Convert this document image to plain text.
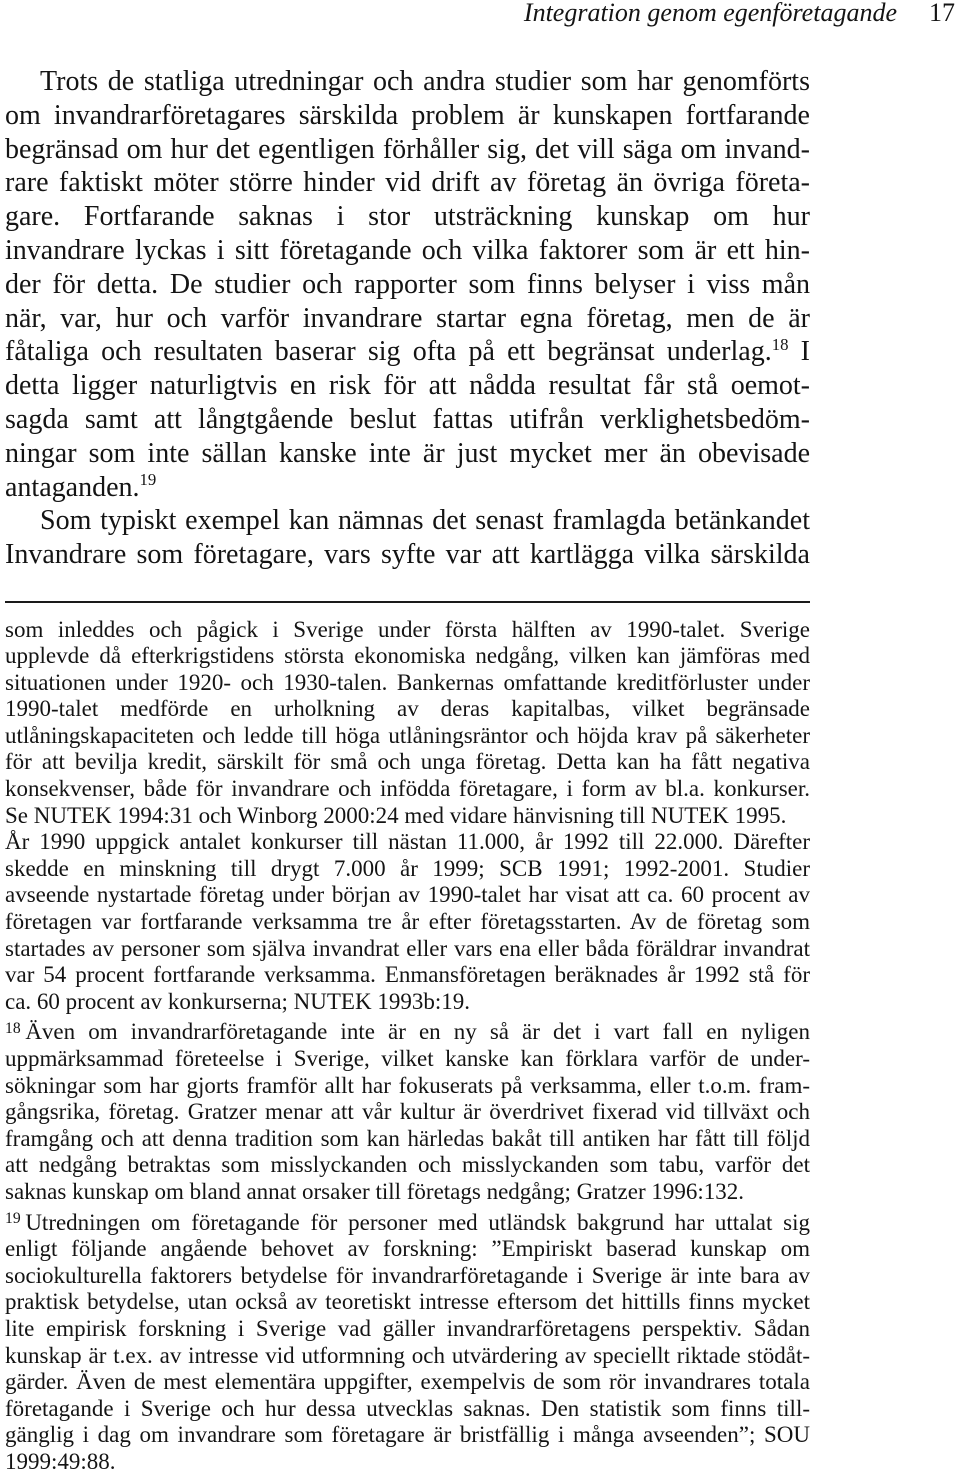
Integration genom egenföretagande 17
Trots de statliga utredningar och andra studier som har genomförts
om invandrarföretagares särskilda problem är kunskapen fortfarande
begränsad om hur det egentligen förhåller sig, det vill säga om invand-
rare faktiskt möter större hinder vid drift av företag än övriga företa-
gare. Fortfarande saknas i stor utsträckning kunskap om hur
invandrare lyckas i sitt företagande och vilka faktorer som är ett hin-
der för detta. De studier och rapporter som finns belyser i viss mån
när, var, hur och varför invandrare startar egna företag, men de är
fåtaliga och resultaten baserar sig ofta på ett begränsat underlag.$^{18}$ I
detta ligger naturligtvis en risk för att nådda resultat får stå oemot-
sagda samt att långtgående beslut fattas utifrån verklighetsbedöm-
ningar som inte sällan kanske inte är just mycket mer än obevisade
antaganden.$^{19}$
Som typiskt exempel kan nämnas det senast framlagda betänkandet
Invandrare som företagare, vars syfte var att kartlägga vilka särskilda
som inleddes och pågick i Sverige under första hälften av 1990-talet. Sverige
upplevde då efterkrigstidens största ekonomiska nedgång, vilken kan jämföras med
situationen under 1920- och 1930-talen. Bankernas omfattande kreditförluster under
1990-talet medförde en urholkning av deras kapitalbas, vilket begränsade
utlåningskapaciteten och ledde till höga utlåningsräntor och höjda krav på säkerheter
för att bevilja kredit, särskilt för små och unga företag. Detta kan ha fått negativa
konsekvenser, både för invandrare och infödda företagare, i form av bl.a. konkurser.
Se NUTEK 1994:31 och Winborg 2000:24 med vidare hänvisning till NUTEK 1995.
År 1990 uppgick antalet konkurser till nästan 11.000, år 1992 till 22.000. Därefter
skedde en minskning till drygt 7.000 år 1999; SCB 1991; 1992-2001. Studier
avseende nystartade företag under början av 1990-talet har visat att ca. 60 procent av
företagen var fortfarande verksamma tre år efter företagsstarten. Av de företag som
startades av personer som själva invandrat eller vars ena eller båda föräldrar invandrat
var 54 procent fortfarande verksamma. Enmansföretagen beräknades år 1992 stå för
ca. 60 procent av konkurserna; NUTEK 1993b:19.
$^{18}$ Även om invandrarföretagande inte är en ny så är det i vart fall en nyligen
uppmärksammad företeelse i Sverige, vilket kanske kan förklara varför de under-
sökningar som har gjorts framför allt har fokuserats på verksamma, eller t.o.m. fram-
gångsrika, företag. Gratzer menar att vår kultur är överdrivet fixerad vid tillväxt och
framgång och att denna tradition som kan härledas bakåt till antiken har fått till följd
att nedgång betraktas som misslyckanden och misslyckanden som tabu, varför det
saknas kunskap om bland annat orsaker till företags nedgång; Gratzer 1996:132.
$^{19}$ Utredningen om företagande för personer med utländsk bakgrund har uttalat sig
enligt följande angående behovet av forskning: ”Empiriskt baserad kunskap om
sociokulturella faktorers betydelse för invandrarföretagande i Sverige är inte bara av
praktisk betydelse, utan också av teoretiskt intresse eftersom det hittills finns mycket
lite empirisk forskning i Sverige vad gäller invandrarföretagens perspektiv. Sådan
kunskap är t.ex. av intresse vid utformning och utvärdering av speciellt riktade stödåt-
gärder. Även de mest elementära uppgifter, exempelvis de som rör invandrares totala
företagande i Sverige och hur dessa utvecklas saknas. Den statistik som finns till-
gänglig i dag om invandrare som företagare är bristfällig i många avseenden”; SOU
1999:49:88.
